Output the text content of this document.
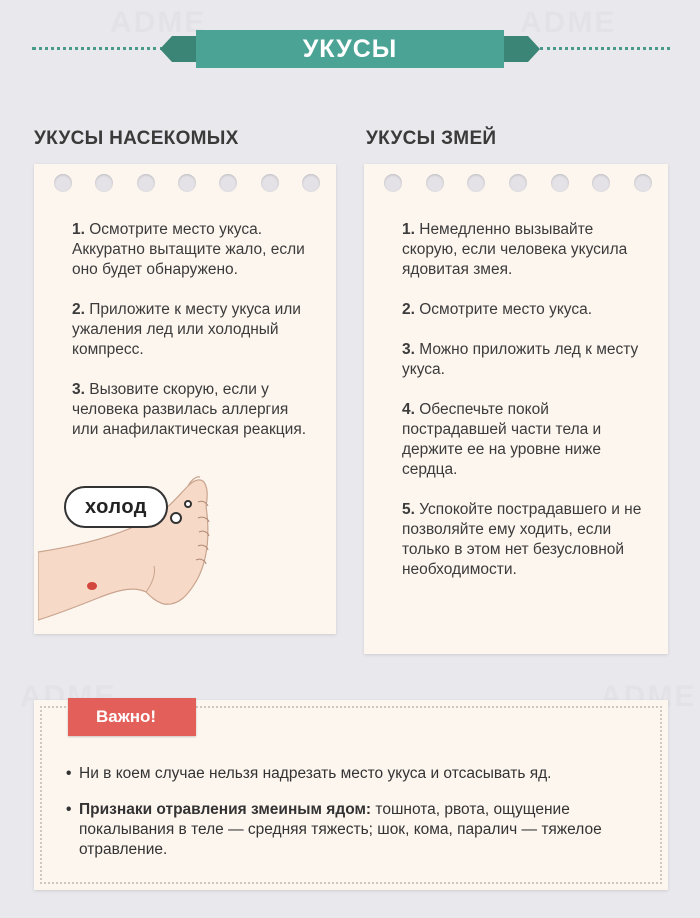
УКУСЫ
УКУСЫ НАСЕКОМЫХ	УКУСЫ ЗМЕЙ
1. Осмотрите место укуса. Аккуратно вытащите жало, если оно будет обнаружено.
2. Приложите к месту укуса или ужаления лед или холодный компресс.
3. Вызовите скорую, если у человека развилась аллергия или анафилактическая реакция.
холод
1. Немедленно вызывайте скорую, если человека укусила ядовитая змея.
2. Осмотрите место укуса.
3. Можно приложить лед к месту укуса.
4. Обеспечьте покой пострадавшей части тела и держите ее на уровне ниже сердца.
5. Успокойте пострадавшего и не позволяйте ему ходить, если только в этом нет безусловной необходимости.
Важно!
• Ни в коем случае нельзя надрезать место укуса и отсасывать яд.
• Признаки отравления змеиным ядом: тошнота, рвота, ощущение покалывания в теле — средняя тяжесть; шок, кома, паралич — тяжелое отравление.
